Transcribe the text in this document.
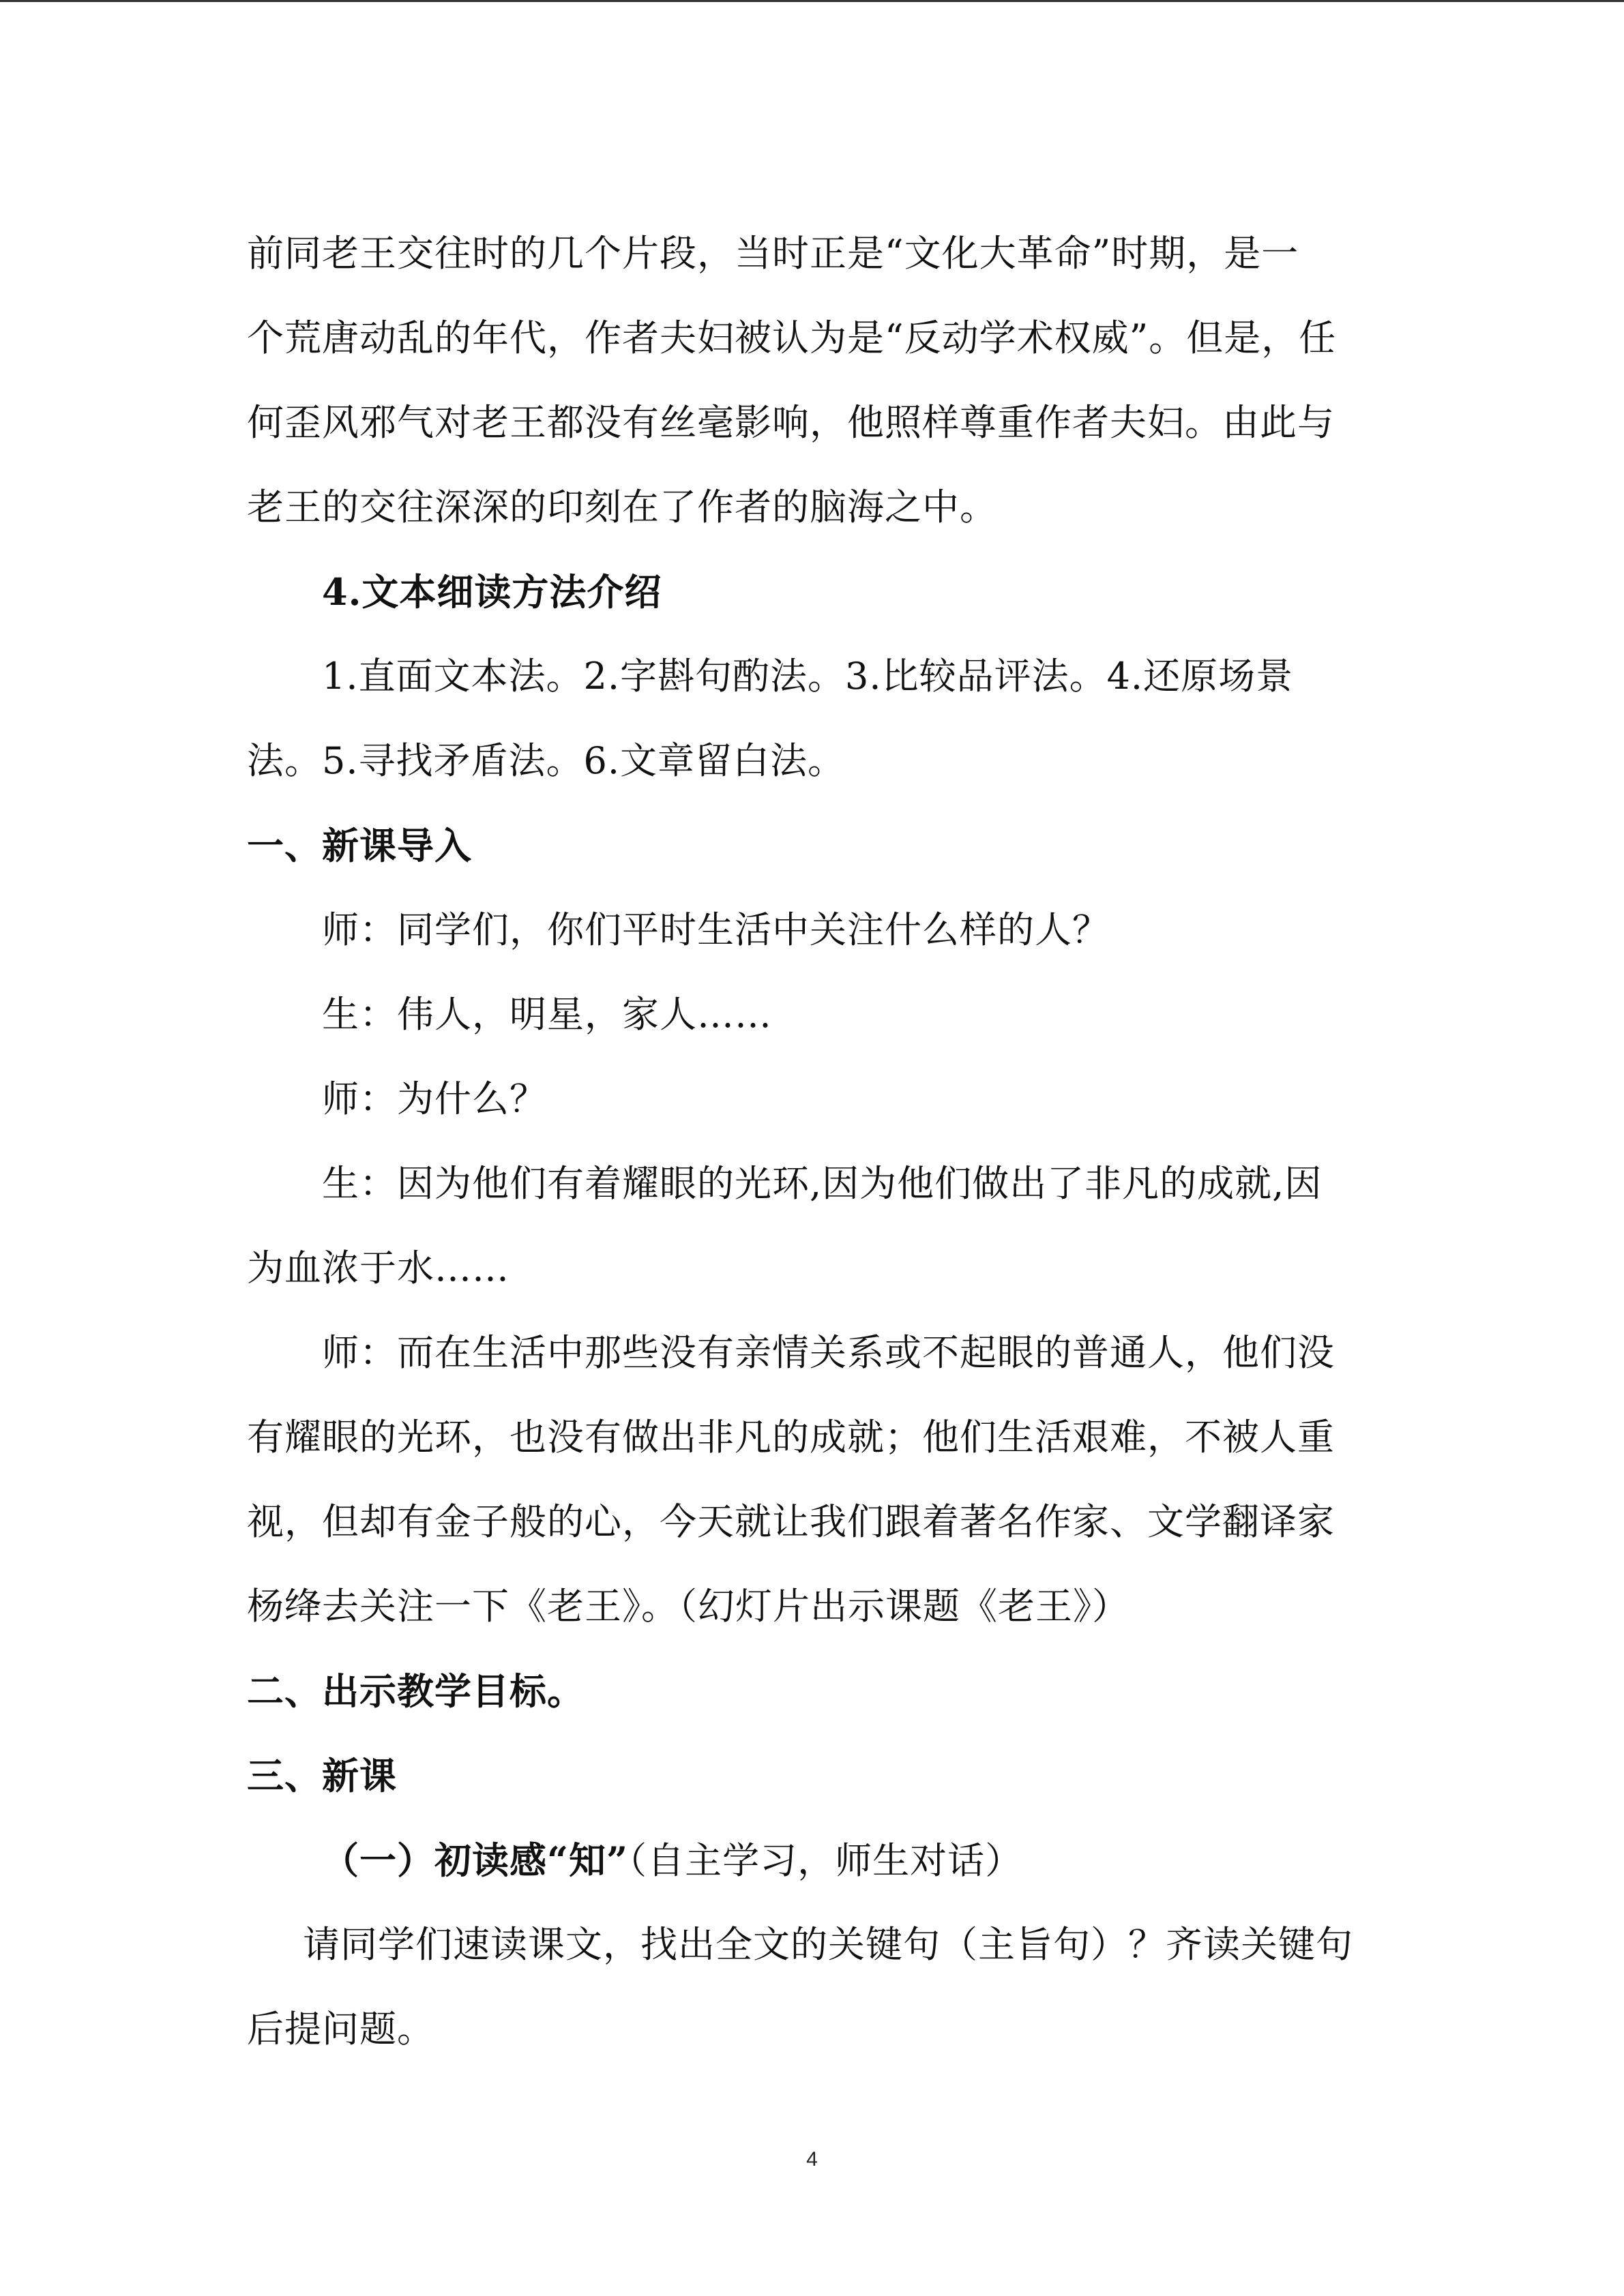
前同老王交往时的几个片段，当时正是“文化大革命”时期，是一
个荒唐动乱的年代，作者夫妇被认为是“反动学术权威”。但是，任
何歪风邪气对老王都没有丝毫影响，他照样尊重作者夫妇。由此与
老王的交往深深的印刻在了作者的脑海之中。
4.文本细读方法介绍
1.直面文本法。2.字斟句酌法。3.比较品评法。4.还原场景
法。5.寻找矛盾法。6.文章留白法。
一、新课导入
师：同学们，你们平时生活中关注什么样的人？
生：伟人，明星，家人……
师：为什么？
生：因为他们有着耀眼的光环,因为他们做出了非凡的成就,因
为血浓于水……
师：而在生活中那些没有亲情关系或不起眼的普通人，他们没
有耀眼的光环，也没有做出非凡的成就；他们生活艰难，不被人重
视，但却有金子般的心，今天就让我们跟着著名作家、文学翻译家
杨绛去关注一下《老王》。（幻灯片出示课题《老王》）
二、出示教学目标。
三、新课
（一）初读感“知”（自主学习，师生对话）
请同学们速读课文，找出全文的关键句（主旨句）？齐读关键句
后提问题。
4
